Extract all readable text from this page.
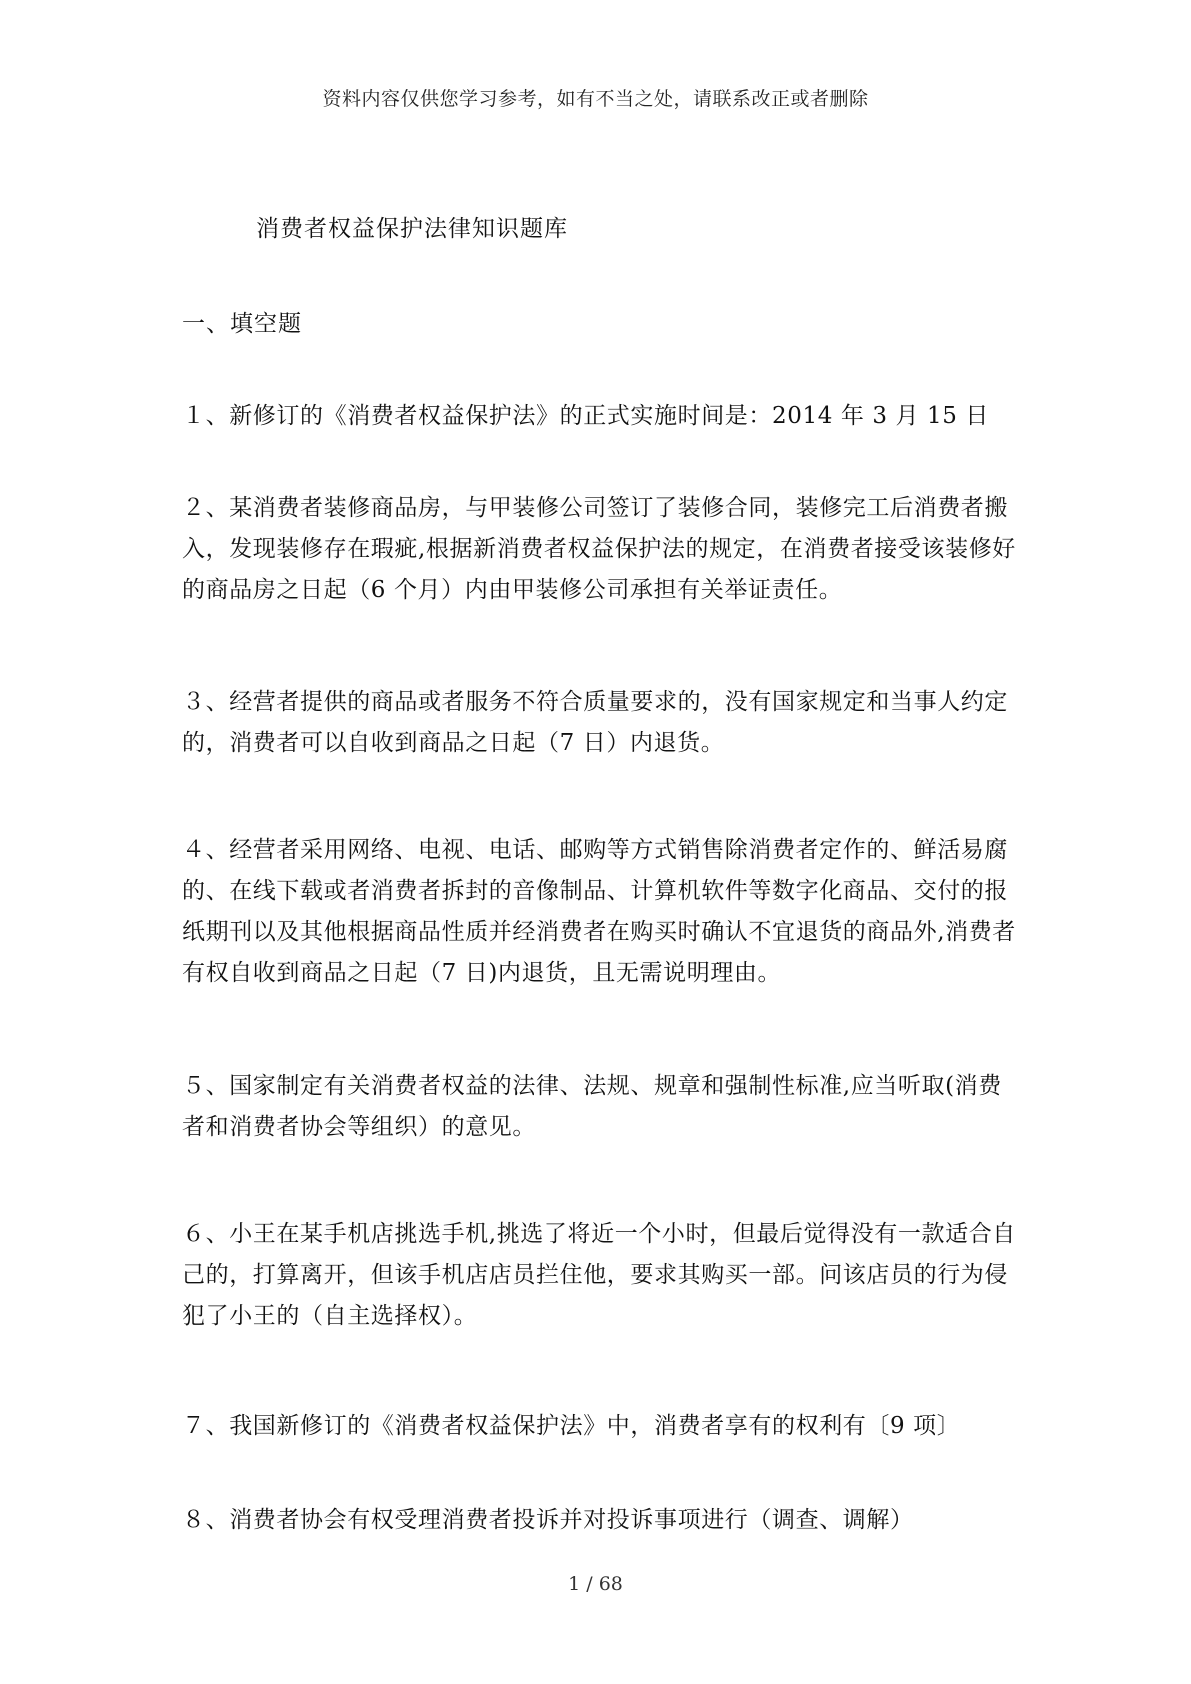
资料内容仅供您学习参考，如有不当之处，请联系改正或者删除
消费者权益保护法律知识题库
一、填空题

１、新修订的《消费者权益保护法》的正式实施时间是：2014 年 3 月 15 日

２、某消费者装修商品房，与甲装修公司签订了装修合同，装修完工后消费者搬入，发现装修存在瑕疵,根据新消费者权益保护法的规定，在消费者接受该装修好的商品房之日起（6 个月）内由甲装修公司承担有关举证责任。

３、经营者提供的商品或者服务不符合质量要求的，没有国家规定和当事人约定的，消费者可以自收到商品之日起（7 日）内退货。

４、经营者采用网络、电视、电话、邮购等方式销售除消费者定作的、鲜活易腐的、在线下载或者消费者拆封的音像制品、计算机软件等数字化商品、交付的报纸期刊以及其他根据商品性质并经消费者在购买时确认不宜退货的商品外,消费者有权自收到商品之日起（7 日)内退货，且无需说明理由。

５、国家制定有关消费者权益的法律、法规、规章和强制性标准,应当听取(消费者和消费者协会等组织）的意见。

６、小王在某手机店挑选手机,挑选了将近一个小时，但最后觉得没有一款适合自己的，打算离开，但该手机店店员拦住他，要求其购买一部。问该店员的行为侵犯了小王的（自主选择权）。

７、我国新修订的《消费者权益保护法》中，消费者享有的权利有〔9 项〕

８、消费者协会有权受理消费者投诉并对投诉事项进行（调查、调解）

1 / 68
